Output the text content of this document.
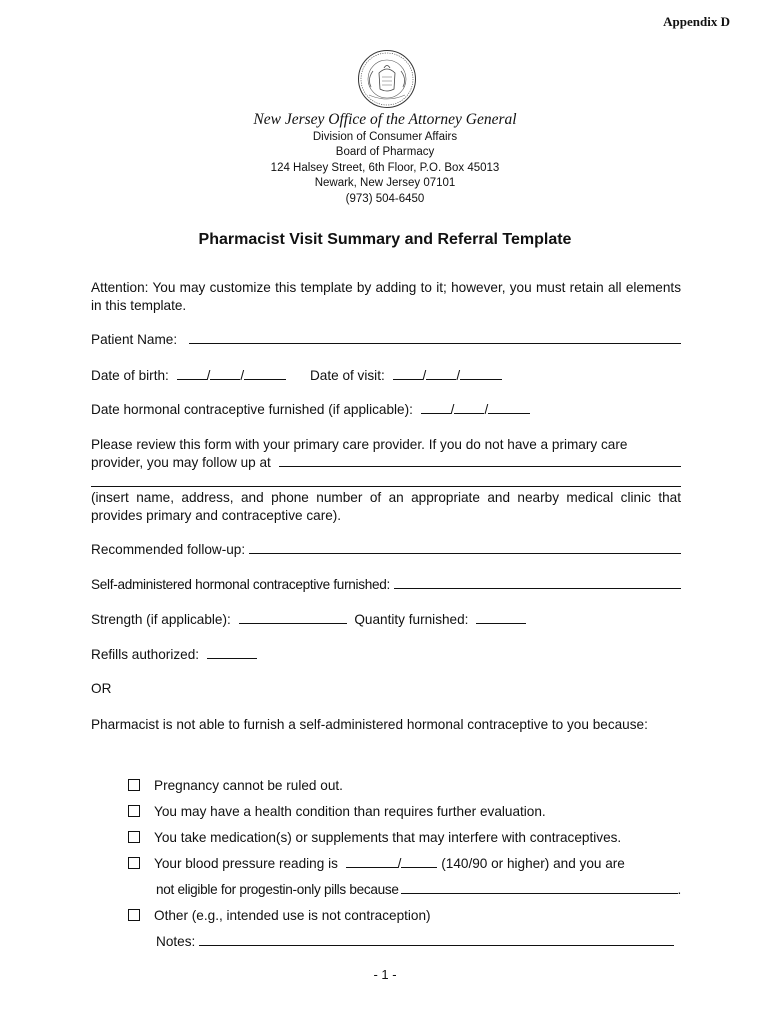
Appendix D
New Jersey Office of the Attorney General
Division of Consumer Affairs
Board of Pharmacy
124 Halsey Street, 6th Floor, P.O. Box 45013
Newark, New Jersey 07101
(973) 504-6450
Pharmacist Visit Summary and Referral Template
Attention: You may customize this template by adding to it; however, you must retain all elements in this template.
Patient Name:
Date of birth:	/ /	Date of visit:	/ /
Date hormonal contraceptive furnished (if applicable):	/ /
Please review this form with your primary care provider. If you do not have a primary care
provider, you may follow up at
(insert name, address, and phone number of an appropriate and nearby medical clinic that provides primary and contraceptive care).
Recommended follow-up:
Self-administered hormonal contraceptive furnished:
Strength (if applicable):	Quantity furnished:
Refills authorized:
OR
Pharmacist is not able to furnish a self-administered hormonal contraceptive to you because:
Pregnancy cannot be ruled out.
You may have a health condition than requires further evaluation.
You take medication(s) or supplements that may interfere with contraceptives.
Your blood pressure reading is	/	(140/90 or higher) and you are
not eligible for progestin-only pills because	.
Other (e.g., intended use is not contraception)
Notes:
- 1 -
